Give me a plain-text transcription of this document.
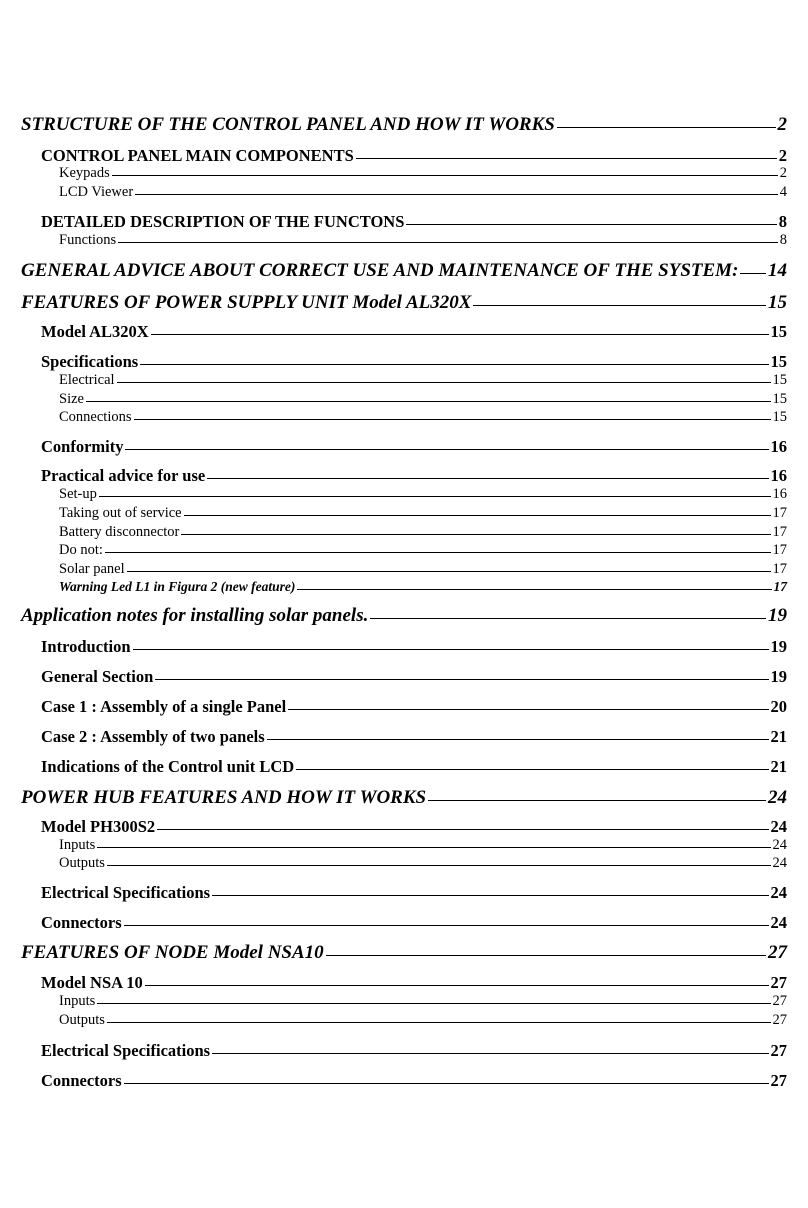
STRUCTURE OF THE CONTROL PANEL AND HOW IT WORKS	2
CONTROL PANEL MAIN COMPONENTS	2
Keypads	2
LCD Viewer	4
DETAILED DESCRIPTION OF THE FUNCTONS	8
Functions	8
GENERAL ADVICE ABOUT CORRECT USE AND MAINTENANCE OF THE SYSTEM: 14
FEATURES OF POWER SUPPLY UNIT Model AL320X	15
Model AL320X	15
Specifications	15
Electrical	15
Size	15
Connections	15
Conformity	16
Practical advice for use	16
Set-up	16
Taking out of service	17
Battery disconnector	17
Do not:	17
Solar panel	17
Warning Led L1 in Figura 2 (new feature)	17
Application notes for installing solar panels.	19
Introduction	19
General Section	19
Case 1 : Assembly of a single Panel	20
Case 2 : Assembly of two panels	21
Indications of the Control unit LCD	21
POWER HUB FEATURES AND HOW IT WORKS	24
Model PH300S2	24
Inputs	24
Outputs	24
Electrical Specifications	24
Connectors	24
FEATURES OF NODE Model NSA10	27
Model NSA 10	27
Inputs	27
Outputs	27
Electrical Specifications	27
Connectors	27
